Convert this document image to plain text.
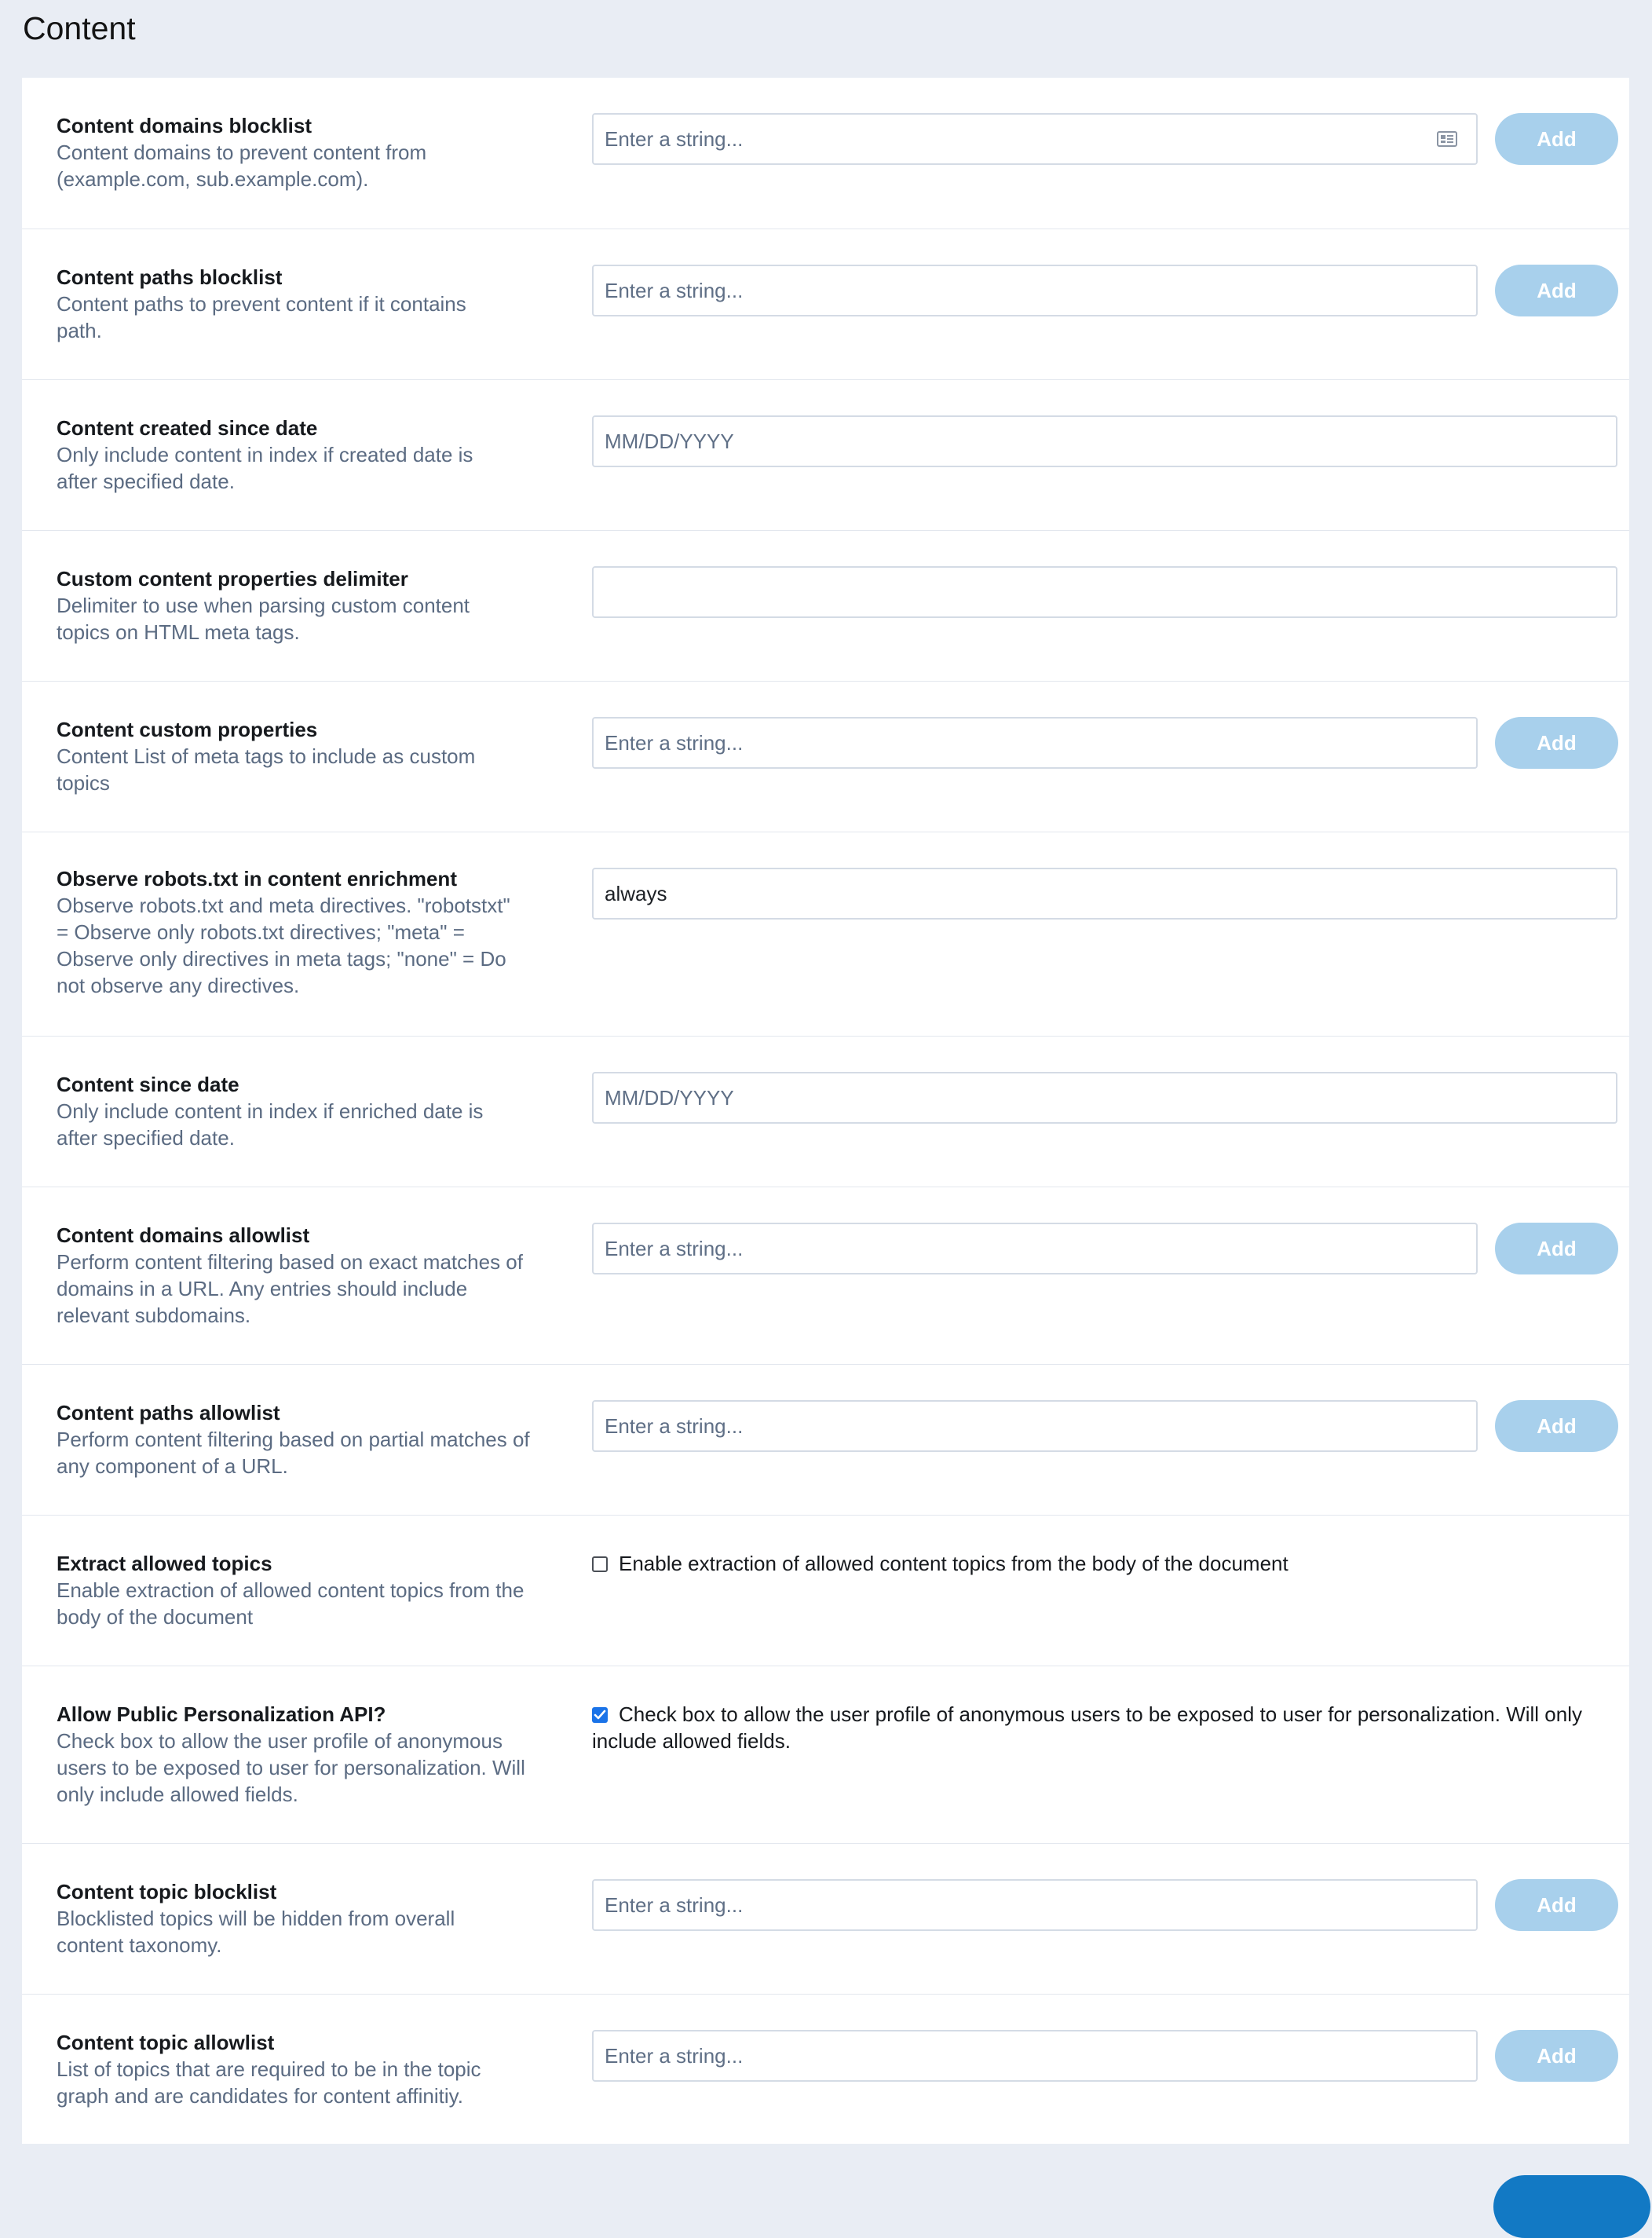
Content

Content domains blocklist

Content domains to prevent content from (example.com, sub.example.com).

Enter a string...
Add

Content paths blocklist

Content paths to prevent content if it contains path.

Enter a string...
Add

Content created since date

Only include content in index if created date is after specified date.

MM/DD/YYYY

Custom content properties delimiter

Delimiter to use when parsing custom content topics on HTML meta tags.

Content custom properties

Content List of meta tags to include as custom topics

Enter a string...
Add

Observe robots.txt in content enrichment

Observe robots.txt and meta directives. "robotstxt" = Observe only robots.txt directives; "meta" = Observe only directives in meta tags; "none" = Do not observe any directives.

always

Content since date

Only include content in index if enriched date is after specified date.

MM/DD/YYYY

Content domains allowlist

Perform content filtering based on exact matches of domains in a URL. Any entries should include relevant subdomains.

Enter a string...
Add

Content paths allowlist

Perform content filtering based on partial matches of any component of a URL.

Enter a string...
Add

Extract allowed topics

Enable extraction of allowed content topics from the body of the document

Enable extraction of allowed content topics from the body of the document

Allow Public Personalization API?

Check box to allow the user profile of anonymous users to be exposed to user for personalization. Will only include allowed fields.

Check box to allow the user profile of anonymous users to be exposed to user for personalization. Will only include allowed fields.

Content topic blocklist

Blocklisted topics will be hidden from overall content taxonomy.

Enter a string...
Add

Content topic allowlist

List of topics that are required to be in the topic graph and are candidates for content affinitiy.

Enter a string...
Add
